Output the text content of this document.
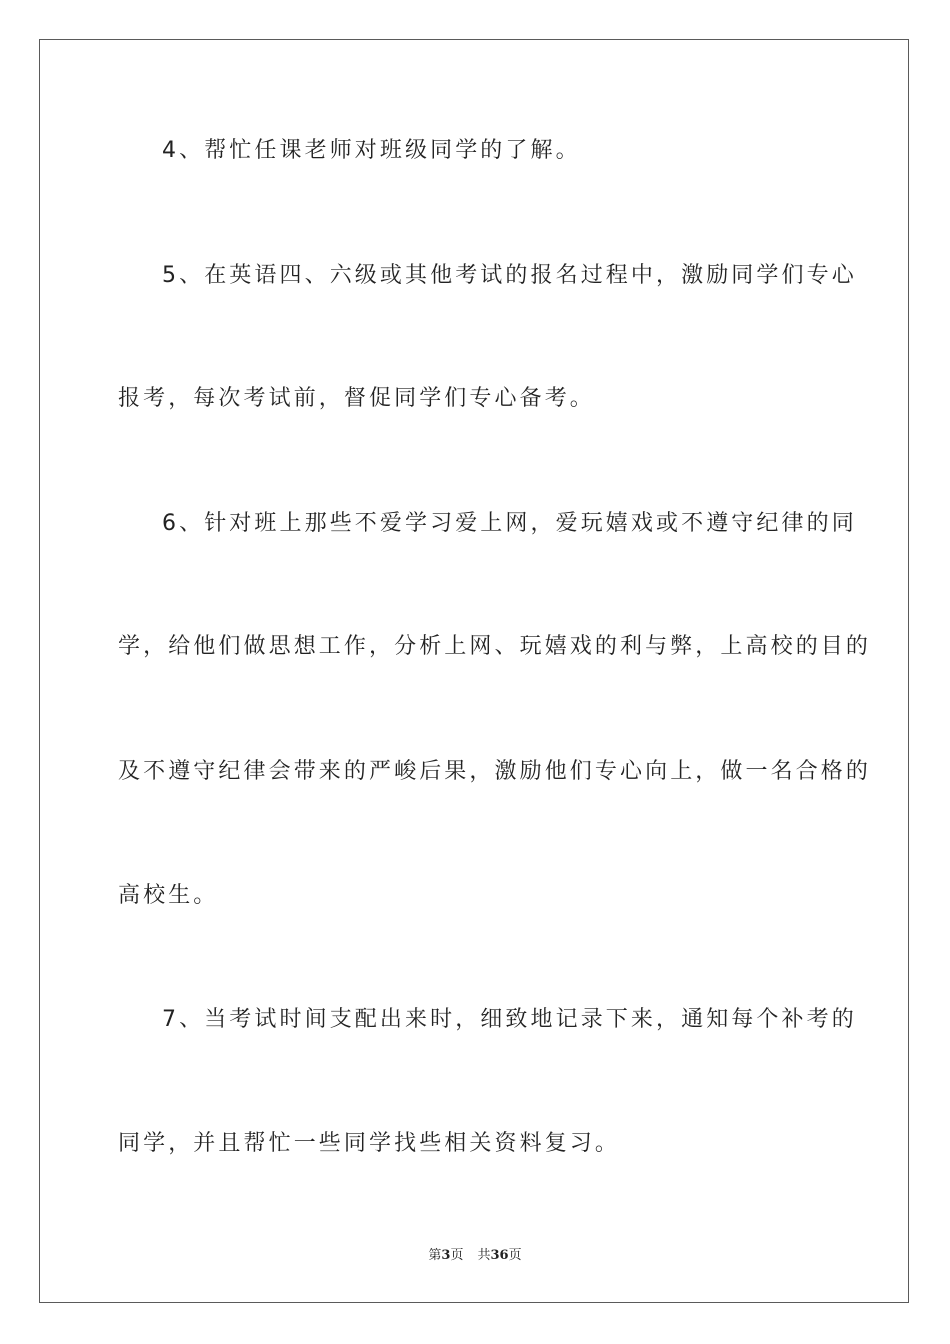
4、帮忙任课老师对班级同学的了解。
5、在英语四、六级或其他考试的报名过程中，激励同学们专心
报考，每次考试前，督促同学们专心备考。
6、针对班上那些不爱学习爱上网，爱玩嬉戏或不遵守纪律的同
学，给他们做思想工作，分析上网、玩嬉戏的利与弊，上高校的目的
及不遵守纪律会带来的严峻后果，激励他们专心向上，做一名合格的
高校生。
7、当考试时间支配出来时，细致地记录下来，通知每个补考的
同学，并且帮忙一些同学找些相关资料复习。
第3页 共36页
